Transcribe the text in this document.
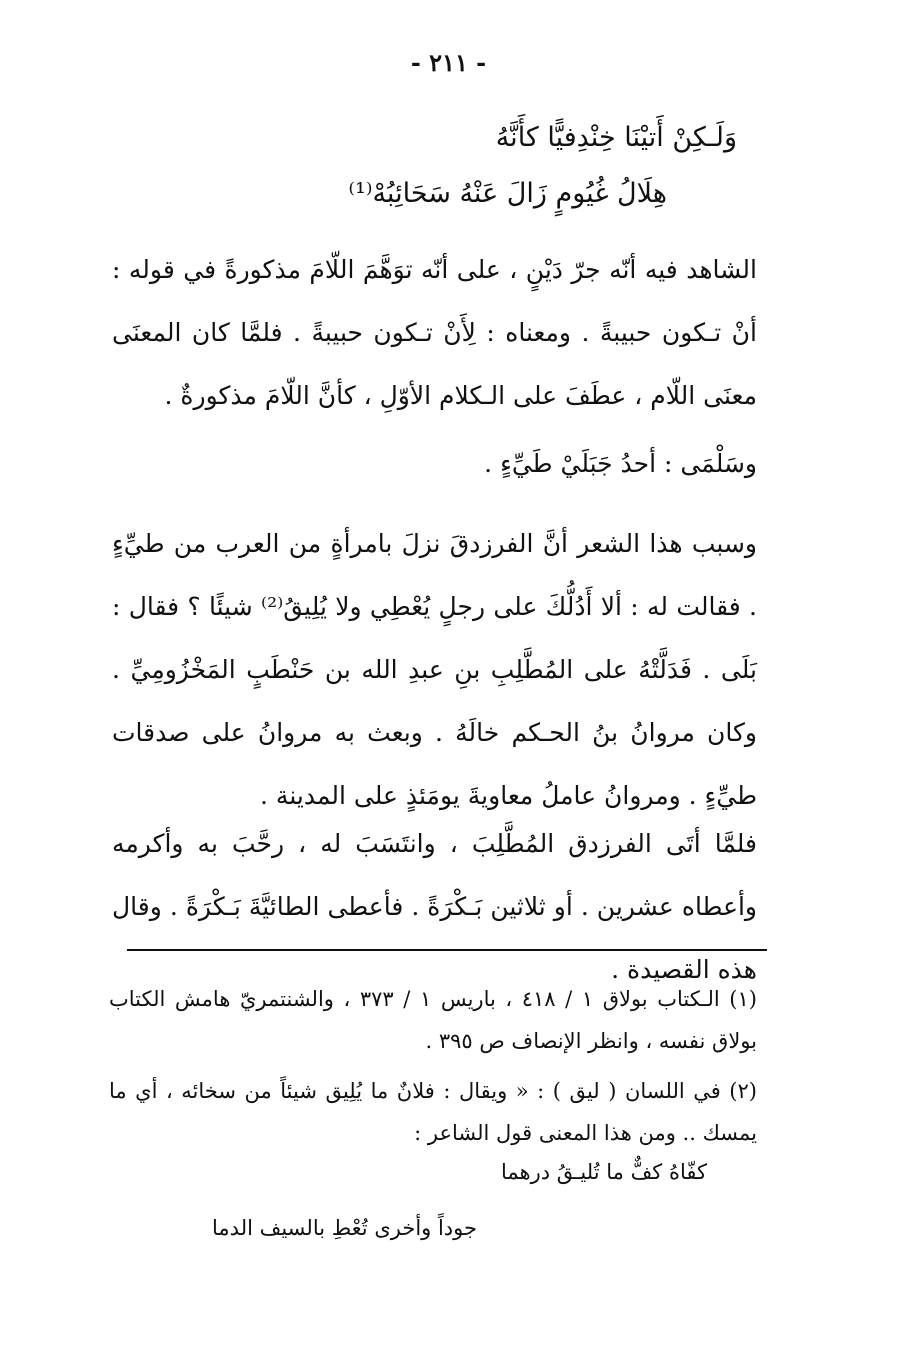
- ٢١١ -
وَلَـكِنْ أَتيْنَا خِنْدِفيًّا كأَنَّهُ
هِلَالُ غُيُومٍ زَالَ عَنْهُ سَحَائِبُهْ⁽¹⁾

الشاهد فيه أنّه جرّ دَيْنٍ ، على أنّه توَهَّمَ اللّامَ مذكورةً في قوله : أنْ تـكون حبيبةً . ومعناه : لِأَنْ تـكون حبيبةً . فلمَّا كان المعنَى معنَى اللّام ، عطَفَ على الـكلام الأوّلِ ، كأنَّ اللّامَ مذكورةٌ .

وسَلْمَى : أحدُ جَبَلَيْ طَيِّءٍ .

وسبب هذا الشعر أنَّ الفرزدقَ نزلَ بامرأةٍ من العرب من طيِّءٍ . فقالت له : ألا أَدُلُّكَ على رجلٍ يُعْطِي ولا يُلِيقُ⁽²⁾ شيئًا ؟ فقال : بَلَى . فَدَلَّتْهُ على المُطَّلِبِ بنِ عبدِ الله بن حَنْطَبٍ المَخْزُومِيِّ . وكان مروانُ بنُ الحـكم خالَهُ . وبعث به مروانُ على صدقات طيِّءٍ . ومروانُ عاملُ معاويةَ يومَئذٍ على المدينة .

فلمَّا أتَى الفرزدق المُطَّلِبَ ، وانتَسَبَ له ، رحَّبَ به وأكرمه وأعطاه عشرين . أو ثلاثين بَـكْرَةً . فأعطى الطائيَّةَ بَـكْرَةً . وقال هذه القصيدة .

(١) الـكتاب بولاق ١ / ٤١٨ ، باريس ١ / ٣٧٣ ، والشنتمريّ هامش الكتاب بولاق نفسه ، وانظر الإنصاف ص ٣٩٥ .

(٢) في اللسان ( ليق ) : « ويقال : فلانٌ ما يُلِيق شيئاً من سخائه ، أي ما يمسك .. ومن هذا المعنى قول الشاعر :

كفّاهُ كفٌّ ما تُليـقُ درهما
جوداً وأخرى تُعْطِ بالسيف الدما
